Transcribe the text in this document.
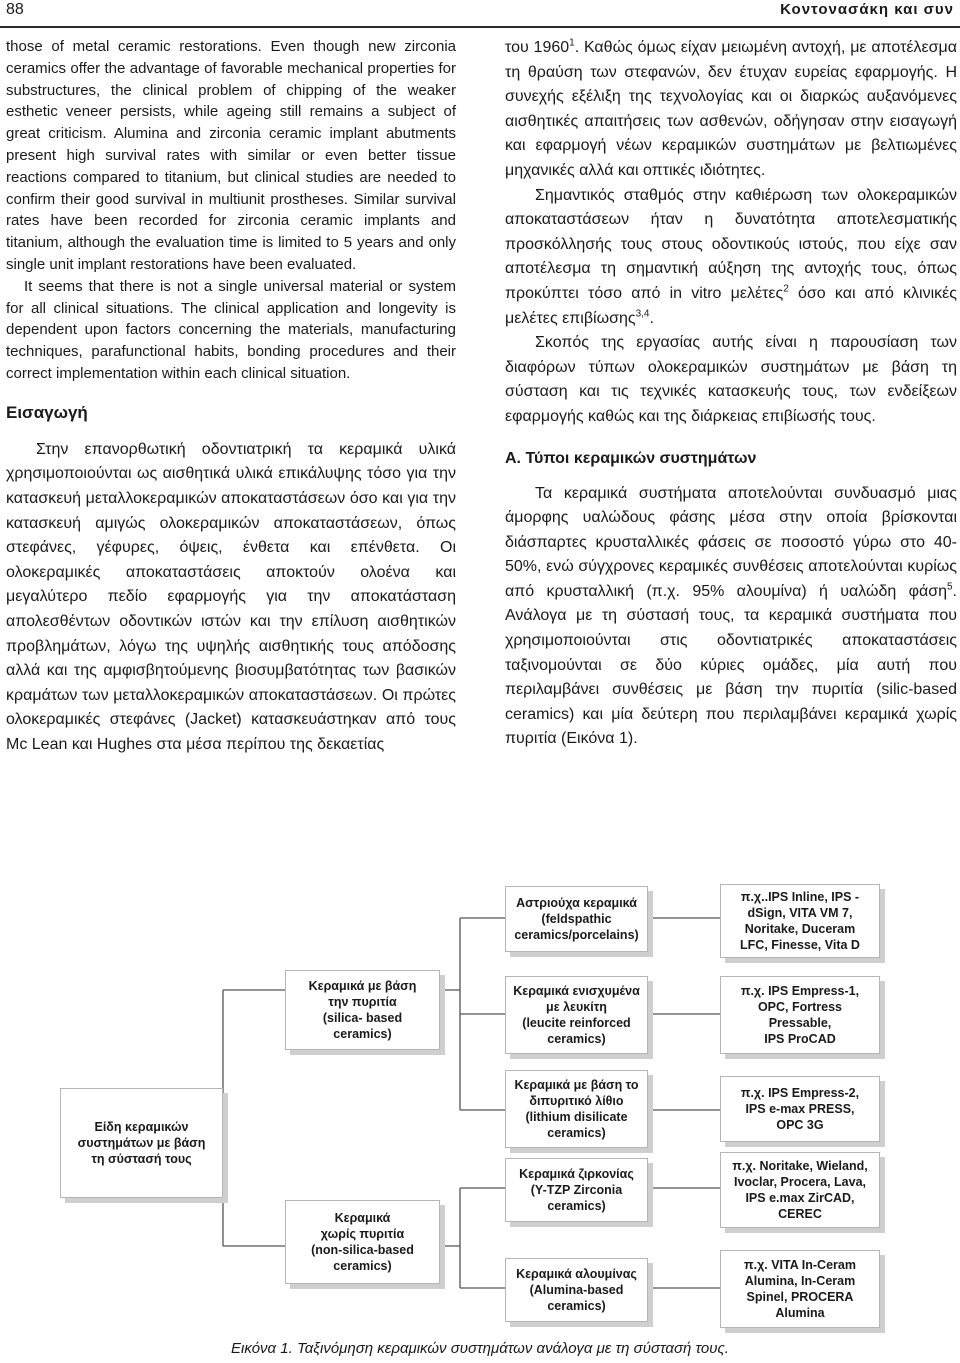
88	Κοντονασάκη και συν

those of metal ceramic restorations. Even though new zirconia ceramics offer the advantage of favorable mechanical properties for substructures, the clinical problem of chipping of the weaker esthetic veneer persists, while ageing still remains a subject of great criticism. Alumina and zirconia ceramic implant abutments present high survival rates with similar or even better tissue reactions compared to titanium, but clinical studies are needed to confirm their good survival in multiunit prostheses. Similar survival rates have been recorded for zirconia ceramic implants and titanium, although the evaluation time is limited to 5 years and only single unit implant restorations have been evaluated.

It seems that there is not a single universal material or system for all clinical situations. The clinical application and longevity is dependent upon factors concerning the materials, manufacturing techniques, parafunctional habits, bonding procedures and their correct implementation within each clinical situation.

Εισαγωγή

Στην επανορθωτική οδοντιατρική τα κεραμικά υλικά χρησιμοποιούνται ως αισθητικά υλικά επικάλυψης τόσο για την κατασκευή μεταλλοκεραμικών αποκαταστάσεων όσο και για την κατασκευή αμιγώς ολοκεραμικών αποκαταστάσεων, όπως στεφάνες, γέφυρες, όψεις, ένθετα και επένθετα. Οι ολοκεραμικές αποκαταστάσεις αποκτούν ολοένα και μεγαλύτερο πεδίο εφαρμογής για την αποκατάσταση απολεσθέντων οδοντικών ιστών και την επίλυση αισθητικών προβλημάτων, λόγω της υψηλής αισθητικής τους απόδοσης αλλά και της αμφισβητούμενης βιοσυμβατότητας των βασικών κραμάτων των μεταλλοκεραμικών αποκαταστάσεων. Οι πρώτες ολοκεραμικές στεφάνες (Jacket) κατασκευάστηκαν από τους Mc Lean και Hughes στα μέσα περίπου της δεκαετίας

του 1960$^1$. Καθώς όμως είχαν μειωμένη αντοχή, με αποτέλεσμα τη θραύση των στεφανών, δεν έτυχαν ευρείας εφαρμογής. Η συνεχής εξέλιξη της τεχνολογίας και οι διαρκώς αυξανόμενες αισθητικές απαιτήσεις των ασθενών, οδήγησαν στην εισαγωγή και εφαρμογή νέων κεραμικών συστημάτων με βελτιωμένες μηχανικές αλλά και οπτικές ιδιότητες.

Σημαντικός σταθμός στην καθιέρωση των ολοκεραμικών αποκαταστάσεων ήταν η δυνατότητα αποτελεσματικής προσκόλλησής τους στους οδοντικούς ιστούς, που είχε σαν αποτέλεσμα τη σημαντική αύξηση της αντοχής τους, όπως προκύπτει τόσο από in vitro μελέτες$^2$ όσο και από κλινικές μελέτες επιβίωσης$^{3,4}$.

Σκοπός της εργασίας αυτής είναι η παρουσίαση των διαφόρων τύπων ολοκεραμικών συστημάτων με βάση τη σύσταση και τις τεχνικές κατασκευής τους, των ενδείξεων εφαρμογής καθώς και της διάρκειας επιβίωσής τους.

Α. Τύποι κεραμικών συστημάτων

Τα κεραμικά συστήματα αποτελούνται συνδυασμό μιας άμορφης υαλώδους φάσης μέσα στην οποία βρίσκονται διάσπαρτες κρυσταλλικές φάσεις σε ποσοστό γύρω στο 40-50%, ενώ σύγχρονες κεραμικές συνθέσεις αποτελούνται κυρίως από κρυσταλλική (π.χ. 95% αλουμίνα) ή υαλώδη φάση$^5$. Ανάλογα με τη σύστασή τους, τα κεραμικά συστήματα που χρησιμοποιούνται στις οδοντιατρικές αποκαταστάσεις ταξινομούνται σε δύο κύριες ομάδες, μία αυτή που περιλαμβάνει συνθέσεις με βάση την πυριτία (silic-based ceramics) και μία δεύτερη που περιλαμβάνει κεραμικά χωρίς πυριτία (Εικόνα 1).

Είδη κεραμικών
συστημάτων με βάση
τη σύστασή τους
Κεραμικά με βάση
την πυριτία
(silica- based
ceramics)
Κεραμικά
χωρίς πυριτία
(non-silica-based
ceramics)
Αστριούχα κεραμικά
(feldspathic
ceramics/porcelains)
Κεραμικά ενισχυμένα
με λευκίτη
(leucite reinforced
ceramics)
Κεραμικά με βάση το
διπυριτικό λίθιο
(lithium disilicate
ceramics)
Κεραμικά ζιρκονίας
(Y-TZP Zirconia
ceramics)
Κεραμικά αλουμίνας
(Alumina-based
ceramics)
π.χ..IPS Inline, IPS -
dSign, VITA VM 7,
Noritake, Duceram
LFC, Finesse, Vita D
π.χ. IPS Empress-1,
OPC, Fortress
Pressable,
IPS ProCAD
π.χ. IPS Empress-2,
IPS e-max PRESS,
OPC 3G
π.χ. Noritake, Wieland,
Ivoclar, Procera, Lava,
IPS e.max ZirCAD,
CEREC
π.χ. VITA In-Ceram
Alumina, In-Ceram
Spinel, PROCERA
Alumina
Εικόνα 1. Ταξινόμηση κεραμικών συστημάτων ανάλογα με τη σύστασή τους.
